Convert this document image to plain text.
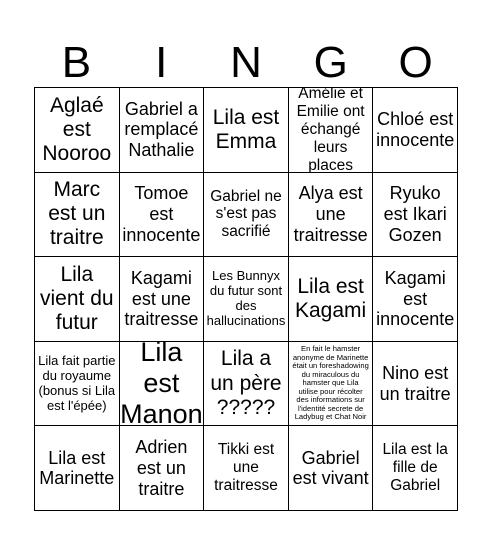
B	I	N	G	O
Aglaé est Nooroo
Gabriel a remplacé Nathalie
Lila est Emma
Amélie et Emilie ont échangé leurs places
Chloé est innocente
Marc est un traitre
Tomoe est innocente
Gabriel ne s'est pas sacrifié
Alya est une traitresse
Ryuko est Ikari Gozen
Lila vient du futur
Kagami est une traitresse
Les Bunnyx du futur sont des hallucinations
Lila est Kagami
Kagami est innocente
Lila fait partie du royaume (bonus si Lila est l'épée)
Lila est Manon
Lila a un père ?????
En fait le hamster anonyme de Marinette était un foreshadowing du miraculous du hamster que Lila utilise pour récolter des informations sur l'identité secrete de Ladybug et Chat Noir
Nino est un traitre
Lila est Marinette
Adrien est un traitre
Tikki est une traitresse
Gabriel est vivant
Lila est la fille de Gabriel
